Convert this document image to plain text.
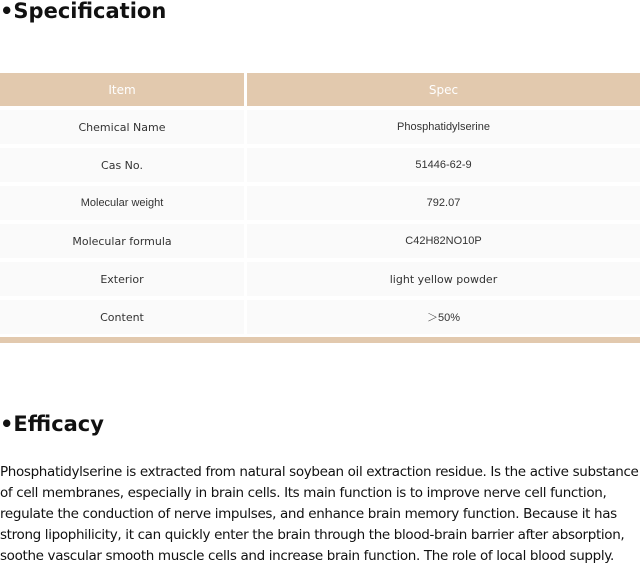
•Specification
Item	Spec
Chemical Name	Phosphatidylserine
Cas No.	51446-62-9
Molecular weight	792.07
Molecular formula	C42H82NO10P
Exterior	light yellow powder
Content	＞50%
•Efficacy

Phosphatidylserine is extracted from natural soybean oil extraction residue. Is the active substance of cell membranes, especially in brain cells. Its main function is to improve nerve cell function, regulate the conduction of nerve impulses, and enhance brain memory function. Because it has strong lipophilicity, it can quickly enter the brain through the blood-brain barrier after absorption, soothe vascular smooth muscle cells and increase brain function. The role of local blood supply.
